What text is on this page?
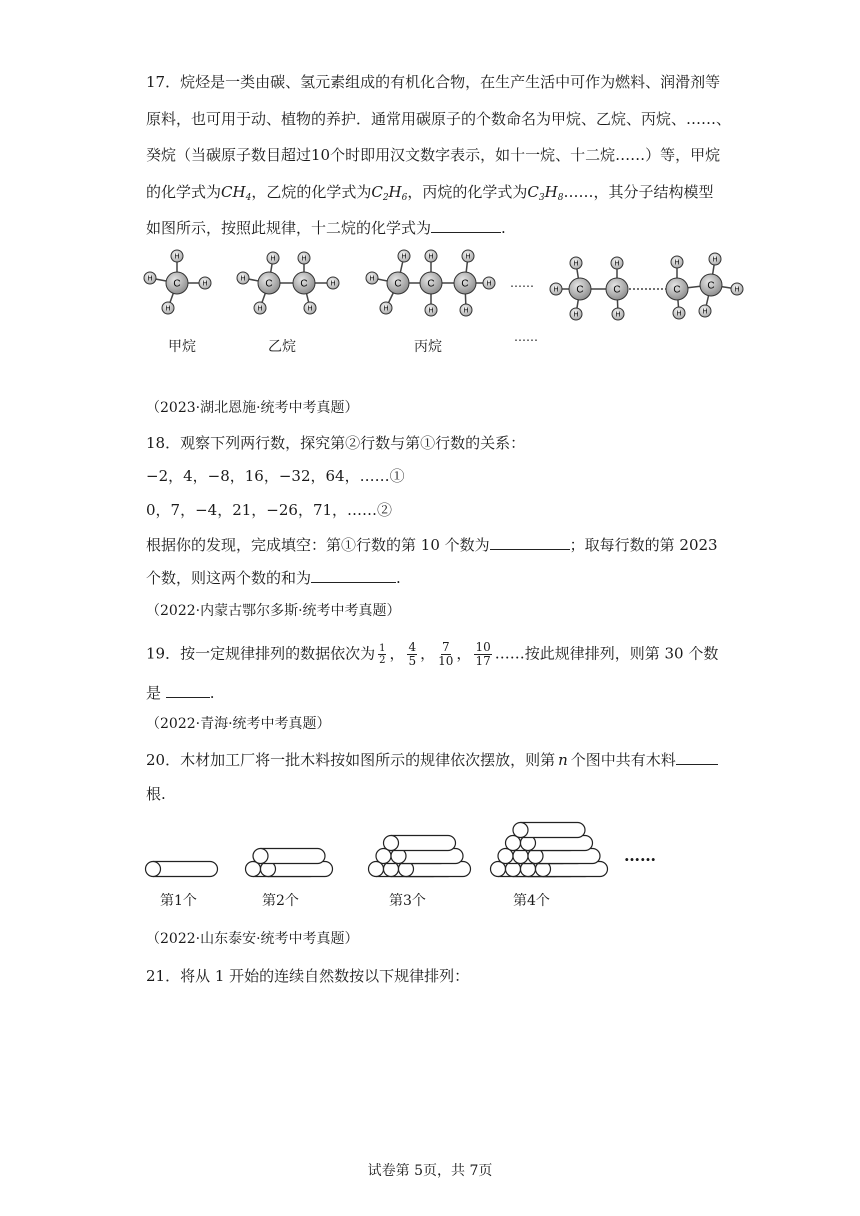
17．烷烃是一类由碳、氢元素组成的有机化合物，在生产生活中可作为燃料、润滑剂等
原料，也可用于动、植物的养护．通常用碳原子的个数命名为甲烷、乙烷、丙烷、……、
癸烷（当碳原子数目超过10个时即用汉文数字表示，如十一烷、十二烷……）等，甲烷
的化学式为$CH_4$，乙烷的化学式为$C_2H_6$，丙烷的化学式为$C_3H_8\dots\dots$，其分子结构模型
如图所示，按照此规律，十二烷的化学式为	.
C
H
H
H
H
C	C
H
H
H
H
H
H
C	C	C
H
H
H
H
H
H
H
H
C	C	C	C
H
H
H
H
H
H
H
H
H
H
甲烷	乙烷	丙烷
……
……
（2023·湖北恩施·统考中考真题）
18．观察下列两行数，探究第②行数与第①行数的关系：
−2，4，−8，16，−32，64，……①
0，7，−4，21，−26，71，……②
根据你的发现，完成填空：第①行数的第 10 个数为	；取每行数的第 2023
个数，则这两个数的和为	.
（2022·内蒙古鄂尔多斯·统考中考真题）
19．按一定规律排列的数据依次为 $\frac{1}{2}$ ， $\frac{4}{5}$ ， $\frac{7}{10}$ ， $\frac{10}{17}$ ……按此规律排列，则第 30 个数
是	.
（2022·青海·统考中考真题）
20．木材加工厂将一批木料按如图所示的规律依次摆放，则第 n 个图中共有木料
根.
第1个	第2个	第3个	第4个
……
（2022·山东泰安·统考中考真题）
21．将从 1 开始的连续自然数按以下规律排列：
试卷第 5页，共 7页
